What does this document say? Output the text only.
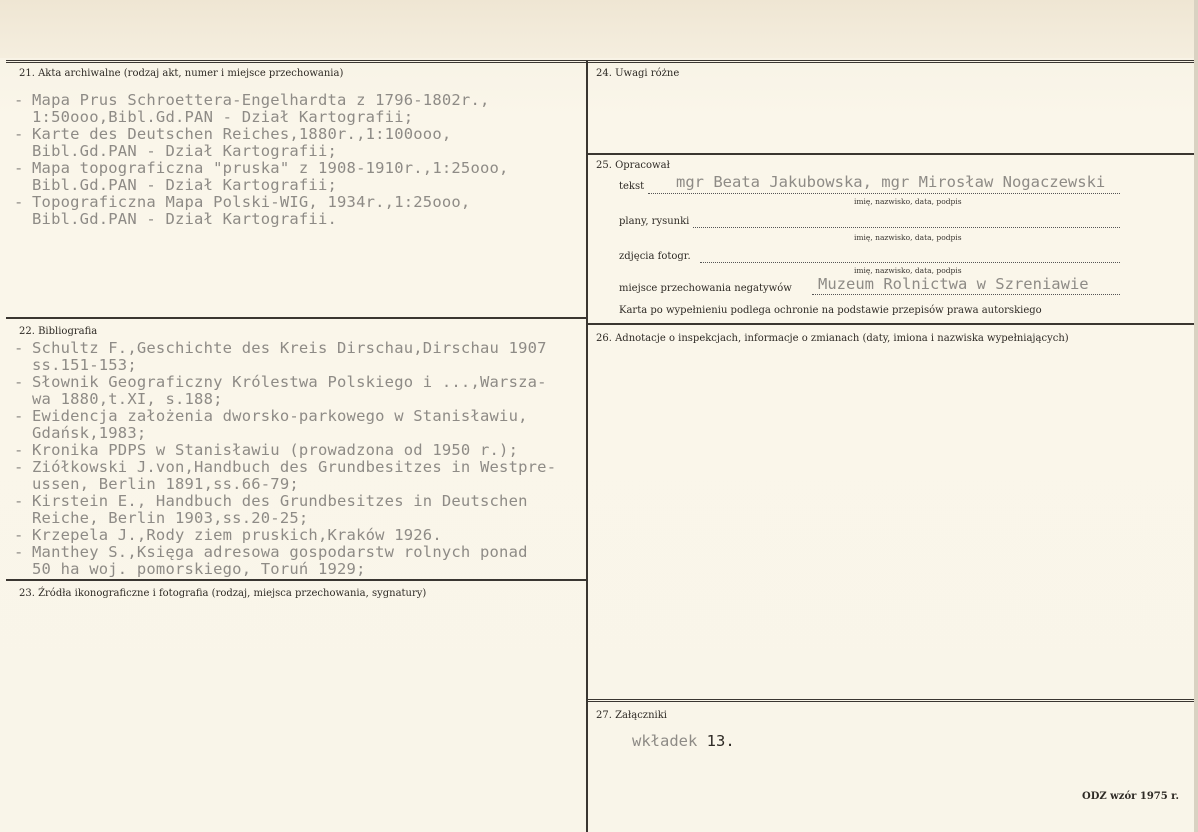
21. Akta archiwalne (rodzaj akt, numer i miejsce przechowania)
- Mapa Prus Schroettera-Engelhardta z 1796-1802r.,
1:50ooo,Bibl.Gd.PAN - Dział Kartografii;
- Karte des Deutschen Reiches,1880r.,1:100ooo,
Bibl.Gd.PAN - Dział Kartografii;
- Mapa topograficzna "pruska" z 1908-1910r.,1:25ooo,
Bibl.Gd.PAN - Dział Kartografii;
- Topograficzna Mapa Polski-WIG, 1934r.,1:25ooo,
Bibl.Gd.PAN - Dział Kartografii.
22. Bibliografia
- Schultz F.,Geschichte des Kreis Dirschau,Dirschau 1907
ss.151-153;
- Słownik Geograficzny Królestwa Polskiego i ...,Warsza-
wa 1880,t.XI, s.188;
- Ewidencja założenia dworsko-parkowego w Stanisławiu,
Gdańsk,1983;
- Kronika PDPS w Stanisławiu (prowadzona od 1950 r.);
- Ziółkowski J.von,Handbuch des Grundbesitzes in Westpre-
ussen, Berlin 1891,ss.66-79;
- Kirstein E., Handbuch des Grundbesitzes in Deutschen
Reiche, Berlin 1903,ss.20-25;
- Krzepela J.,Rody ziem pruskich,Kraków 1926.
- Manthey S.,Księga adresowa gospodarstw rolnych ponad
50 ha woj. pomorskiego, Toruń 1929;
23. Źródła ikonograficzne i fotografia (rodzaj, miejsca przechowania, sygnatury)
24. Uwagi różne
25. Opracował
tekst mgr Beata Jakubowska, mgr Mirosław Nogaczewski
imię, nazwisko, data, podpis
plany, rysunki
imię, nazwisko, data, podpis
zdjęcia fotogr.
imię, nazwisko, data, podpis
miejsce przechowania negatywów Muzeum Rolnictwa w Szreniawie
Karta po wypełnieniu podlega ochronie na podstawie przepisów prawa autorskiego
26. Adnotacje o inspekcjach, informacje o zmianach (daty, imiona i nazwiska wypełniających)
27. Załączniki
wkładek 13.
ODZ wzór 1975 r.
